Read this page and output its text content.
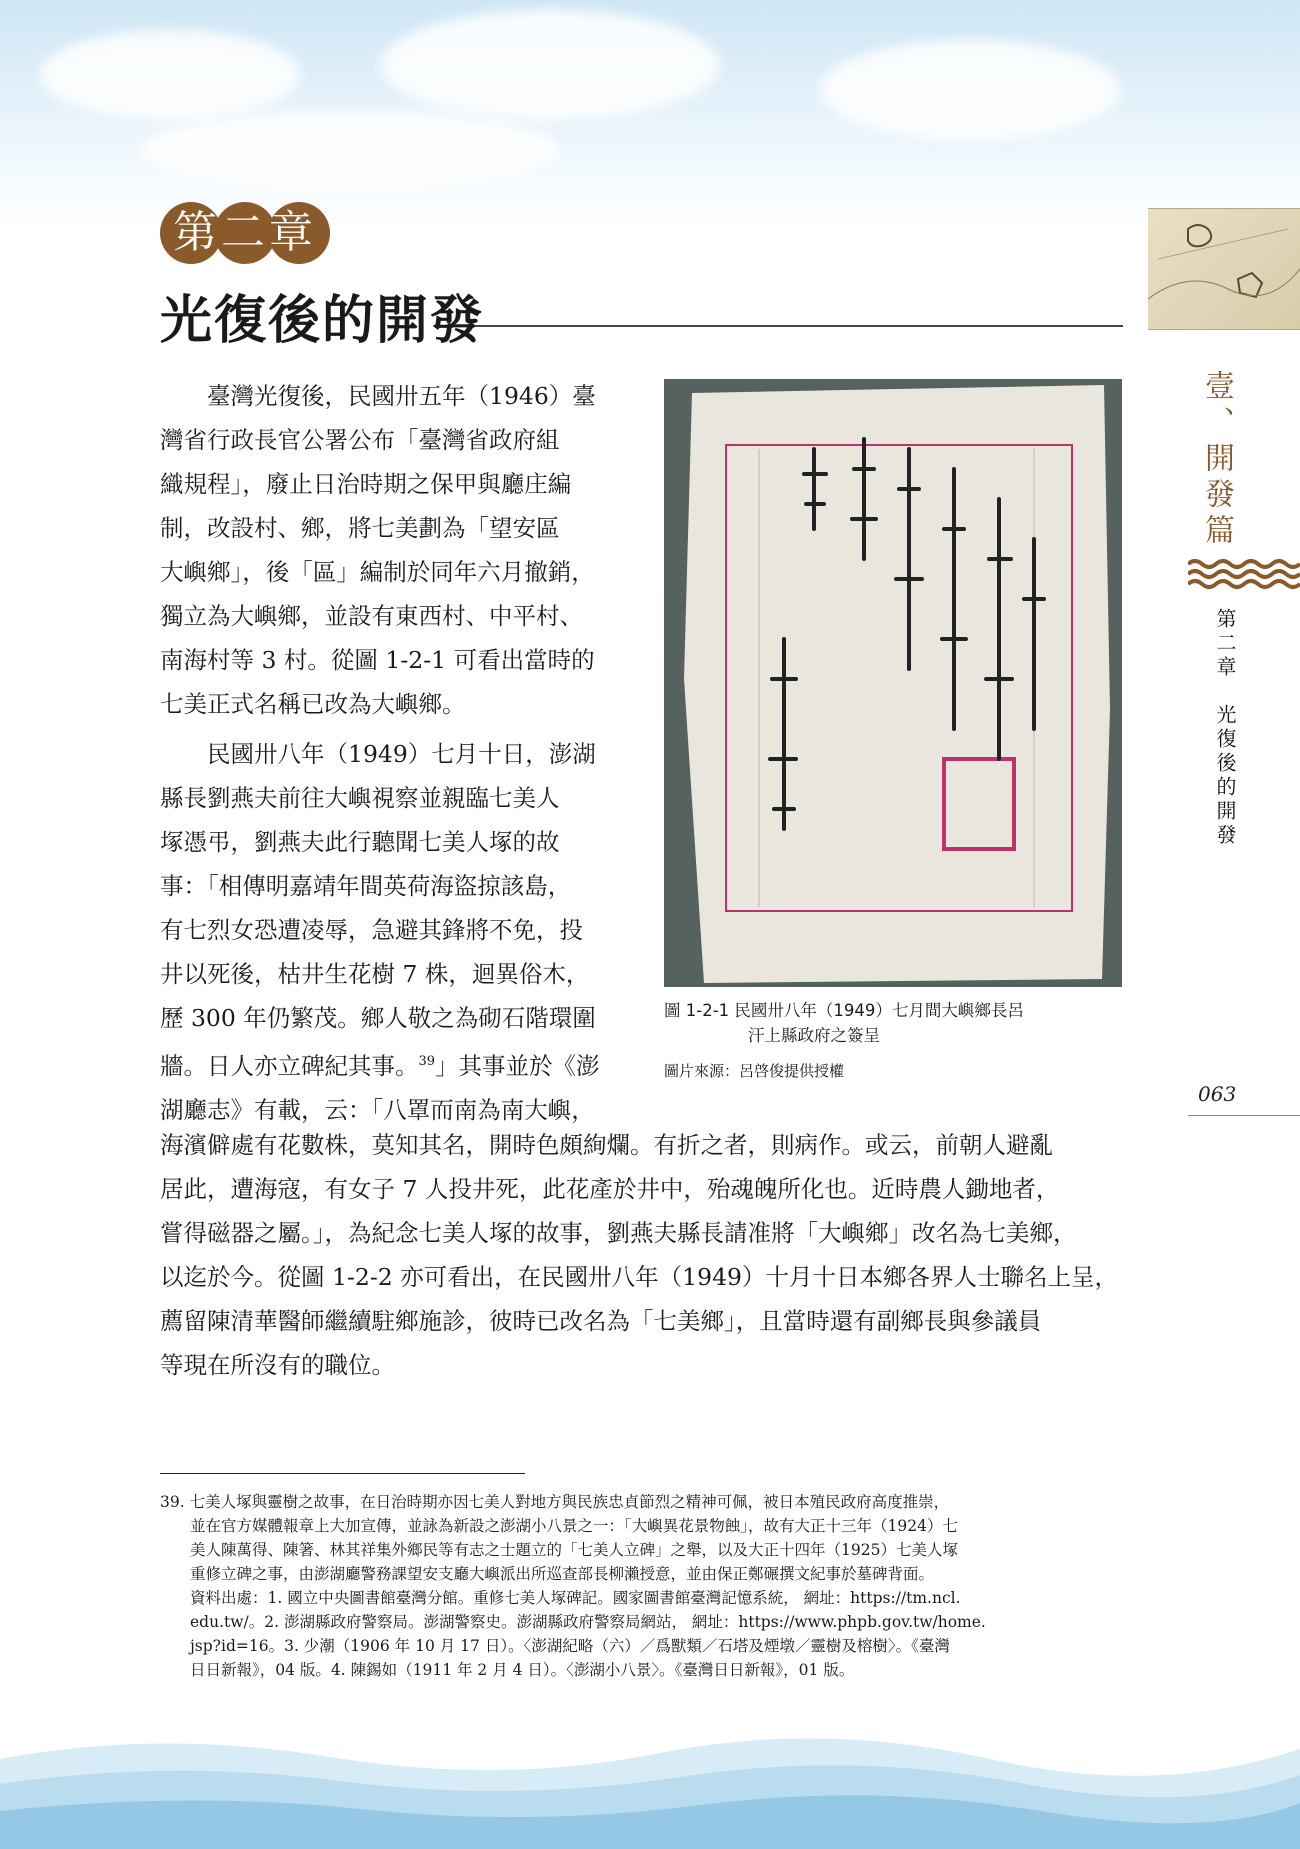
第二章
光復後的開發
壹、開發篇
第二章　光復後的開發
063
臺灣光復後，民國卅五年（1946）臺
灣省行政長官公署公布「臺灣省政府組
織規程」，廢止日治時期之保甲與廳庄編
制，改設村、鄉，將七美劃為「望安區
大嶼鄉」，後「區」編制於同年六月撤銷，
獨立為大嶼鄉，並設有東西村、中平村、
南海村等 3 村。從圖 1-2-1 可看出當時的
七美正式名稱已改為大嶼鄉。
民國卅八年（1949）七月十日，澎湖
縣長劉燕夫前往大嶼視察並親臨七美人
塚憑弔，劉燕夫此行聽聞七美人塚的故
事：「相傳明嘉靖年間英荷海盜掠該島，
有七烈女恐遭凌辱，急避其鋒將不免，投
井以死後，枯井生花樹 7 株，迴異俗木，
歷 300 年仍繁茂。鄉人敬之為砌石階環圍
牆。日人亦立碑紀其事。$^{39}$」其事並於《澎
湖廳志》有載，云：「八罩而南為南大嶼，
海濱僻處有花數株，莫知其名，開時色頗絢爛。有折之者，則病作。或云，前朝人避亂
居此，遭海寇，有女子 7 人投井死，此花產於井中，殆魂魄所化也。近時農人鋤地者，
嘗得磁器之屬。」，為紀念七美人塚的故事，劉燕夫縣長請准將「大嶼鄉」改名為七美鄉，
以迄於今。從圖 1-2-2 亦可看出，在民國卅八年（1949）十月十日本鄉各界人士聯名上呈，
薦留陳清華醫師繼續駐鄉施診，彼時已改名為「七美鄉」，且當時還有副鄉長與參議員
等現在所沒有的職位。
圖 1-2-1 民國卅八年（1949）七月間大嶼鄉長呂
汗上縣政府之簽呈
圖片來源：呂啓俊提供授權
39. 七美人塚與靈樹之故事，在日治時期亦因七美人對地方與民族忠貞節烈之精神可佩，被日本殖民政府高度推崇，
並在官方媒體報章上大加宣傳，並詠為新設之澎湖小八景之一：「大嶼異花景物蝕」，故有大正十三年（1924）七
美人陳萬得、陳箸、林其祥集外鄉民等有志之士題立的「七美人立碑」之舉，以及大正十四年（1925）七美人塚
重修立碑之事，由澎湖廳警務課望安支廳大嶼派出所巡查部長柳瀨授意，並由保正鄭碾撰文紀事於墓碑背面。
資料出處：1. 國立中央圖書館臺灣分館。重修七美人塚碑記。國家圖書館臺灣記憶系統， 網址：https://tm.ncl.
edu.tw/。2. 澎湖縣政府警察局。澎湖警察史。澎湖縣政府警察局網站， 網址：https://www.phpb.gov.tw/home.
jsp?id=16。3. 少潮（1906 年 10 月 17 日）。〈澎湖紀略（六）／爲獸類／石塔及煙墩／靈樹及榕樹〉。《臺灣
日日新報》，04 版。4. 陳錫如（1911 年 2 月 4 日）。〈澎湖小八景〉。《臺灣日日新報》，01 版。
